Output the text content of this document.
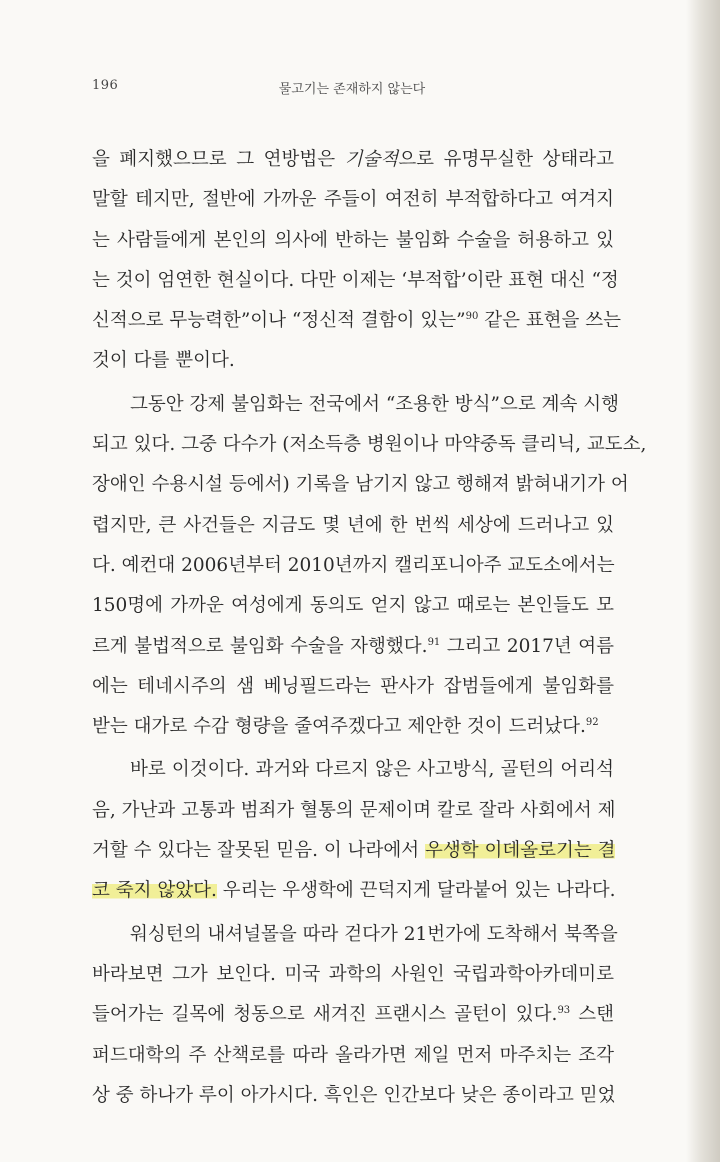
196	물고기는 존재하지 않는다
을 폐지했으므로 그 연방법은 기술적으로 유명무실한 상태라고
말할 테지만, 절반에 가까운 주들이 여전히 부적합하다고 여겨지
는 사람들에게 본인의 의사에 반하는 불임화 수술을 허용하고 있
는 것이 엄연한 현실이다. 다만 이제는 ‘부적합’이란 표현 대신 “정
신적으로 무능력한”이나 “정신적 결함이 있는”$^{90}$ 같은 표현을 쓰는
것이 다를 뿐이다.
그동안 강제 불임화는 전국에서 “조용한 방식”으로 계속 시행
되고 있다. 그중 다수가 (저소득층 병원이나 마약중독 클리닉, 교도소,
장애인 수용시설 등에서) 기록을 남기지 않고 행해져 밝혀내기가 어
렵지만, 큰 사건들은 지금도 몇 년에 한 번씩 세상에 드러나고 있
다. 예컨대 2006년부터 2010년까지 캘리포니아주 교도소에서는
150명에 가까운 여성에게 동의도 얻지 않고 때로는 본인들도 모
르게 불법적으로 불임화 수술을 자행했다.$^{91}$ 그리고 2017년 여름
에는 테네시주의 샘 베닝필드라는 판사가 잡범들에게 불임화를
받는 대가로 수감 형량을 줄여주겠다고 제안한 것이 드러났다.$^{92}$
바로 이것이다. 과거와 다르지 않은 사고방식, 골턴의 어리석
음, 가난과 고통과 범죄가 혈통의 문제이며 칼로 잘라 사회에서 제
거할 수 있다는 잘못된 믿음. 이 나라에서 우생학 이데올로기는 결
코 죽지 않았다. 우리는 우생학에 끈덕지게 달라붙어 있는 나라다.
워싱턴의 내셔널몰을 따라 걷다가 21번가에 도착해서 북쪽을
바라보면 그가 보인다. 미국 과학의 사원인 국립과학아카데미로
들어가는 길목에 청동으로 새겨진 프랜시스 골턴이 있다.$^{93}$ 스탠
퍼드대학의 주 산책로를 따라 올라가면 제일 먼저 마주치는 조각
상 중 하나가 루이 아가시다. 흑인은 인간보다 낮은 종이라고 믿었
